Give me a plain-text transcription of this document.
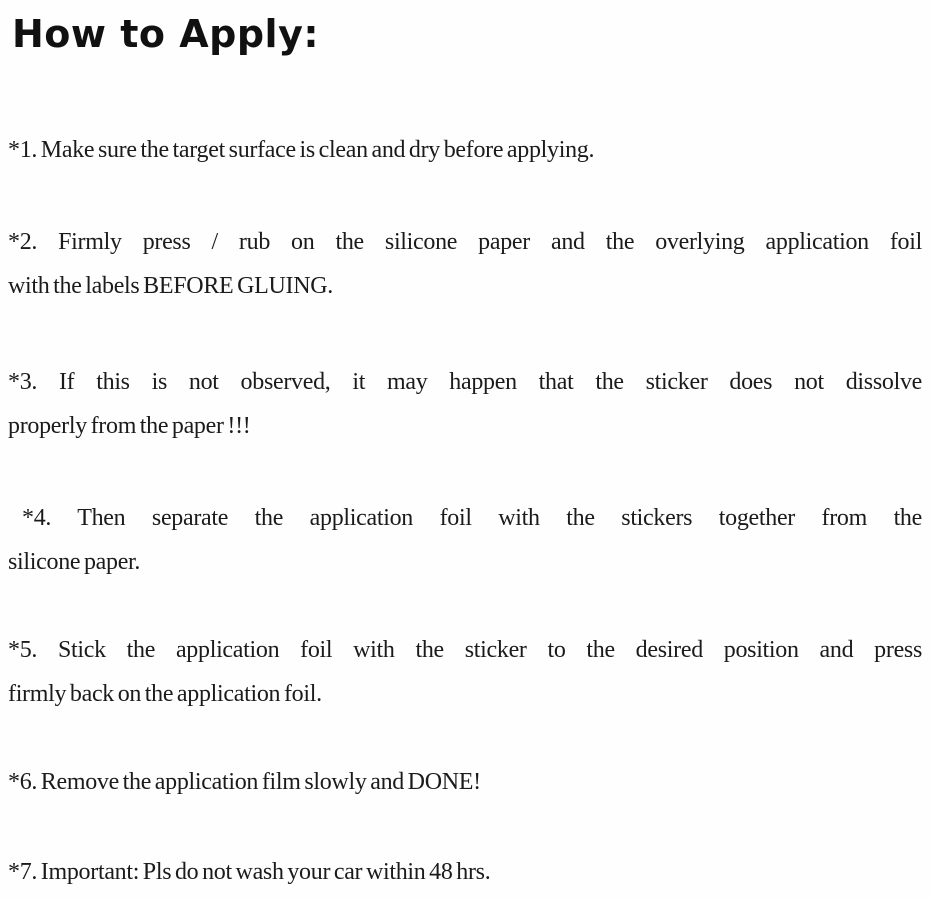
How to Apply:
*1. Make sure the target surface is clean and dry before applying.
*2. Firmly press / rub on the silicone paper and the overlying application foil
with the labels BEFORE GLUING.
*3. If this is not observed, it may happen that the sticker does not dissolve
properly from the paper !!!
*4. Then separate the application foil with the stickers together from the
silicone paper.
*5. Stick the application foil with the sticker to the desired position and press
firmly back on the application foil.
*6. Remove the application film slowly and DONE!
*7. Important: Pls do not wash your car within 48 hrs.
